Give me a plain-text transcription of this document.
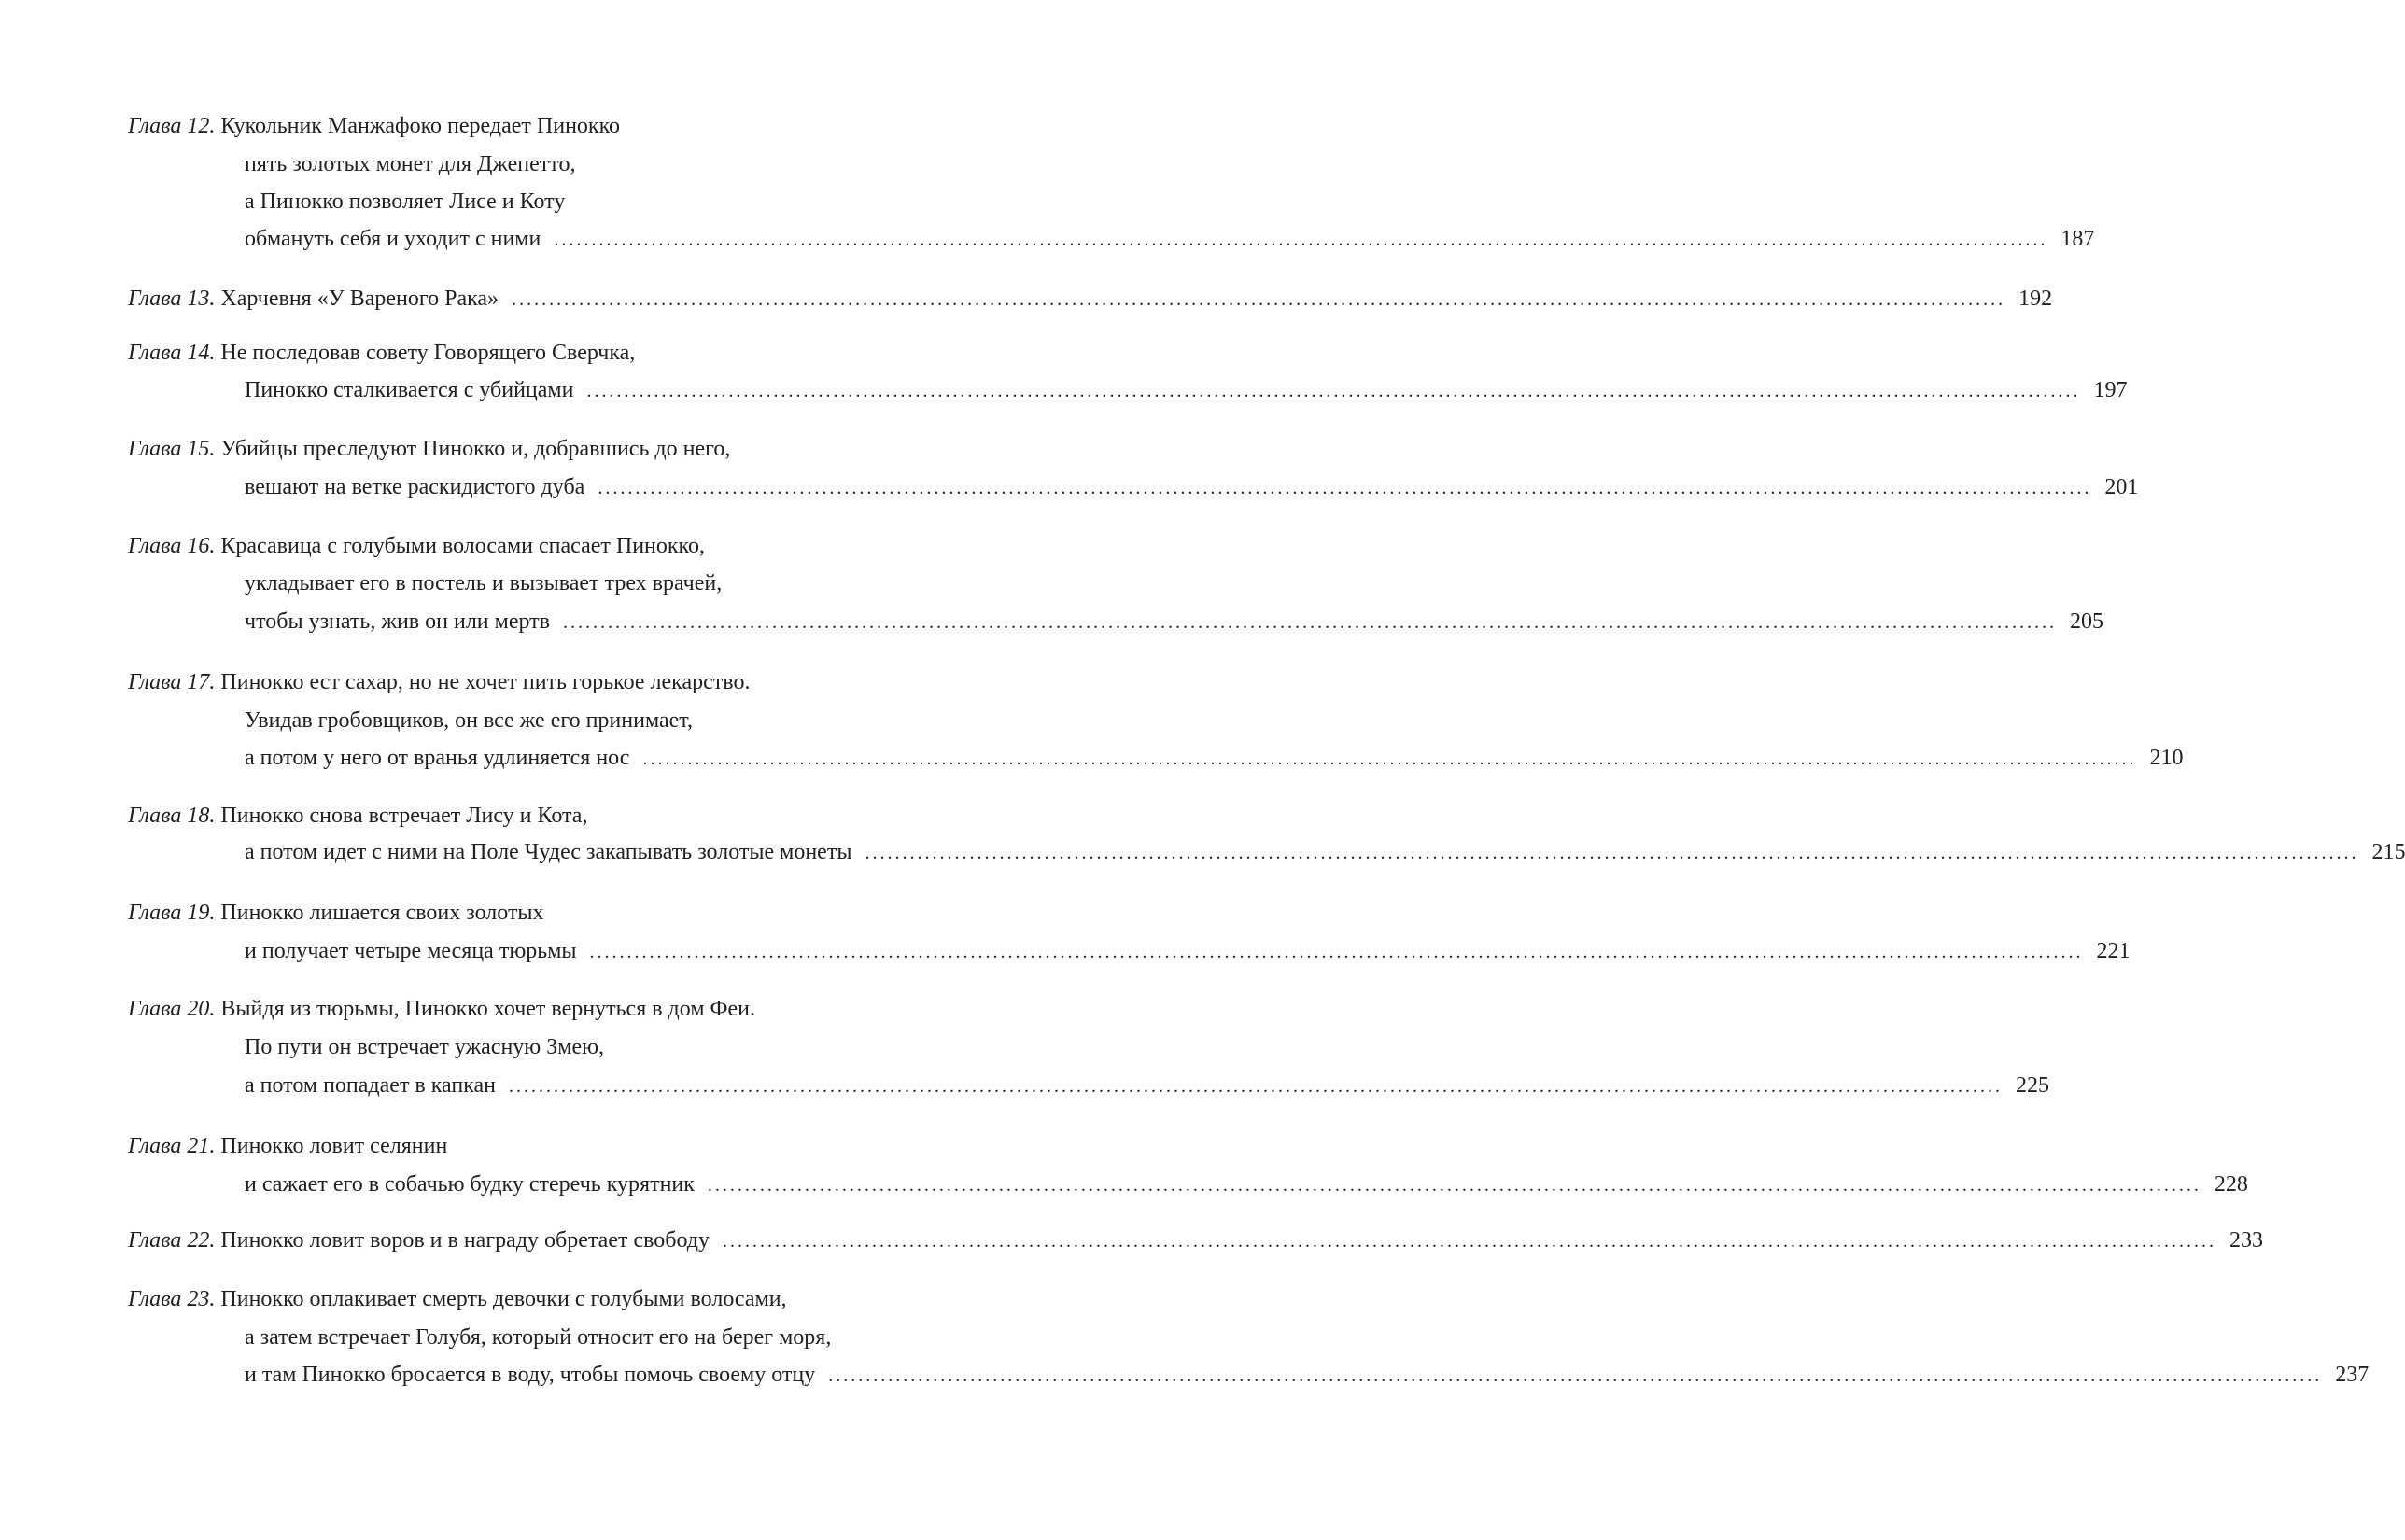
Глава 12. Кукольник Манжафоко передает Пинокко
пять золотых монет для Джепетто,
а Пинокко позволяет Лисе и Коту
обмануть себя и уходит с ними ........................................................................................................................................................................................................ 187
Глава 13. Харчевня «У Вареного Рака» ........................................................................................................................................................................................................ 192
Глава 14. Не последовав совету Говорящего Сверчка,
Пинокко сталкивается с убийцами ........................................................................................................................................................................................................ 197
Глава 15. Убийцы преследуют Пинокко и, добравшись до него,
вешают на ветке раскидистого дуба ........................................................................................................................................................................................................ 201
Глава 16. Красавица с голубыми волосами спасает Пинокко,
укладывает его в постель и вызывает трех врачей,
чтобы узнать, жив он или мертв ........................................................................................................................................................................................................ 205
Глава 17. Пинокко ест сахар, но не хочет пить горькое лекарство.
Увидав гробовщиков, он все же его принимает,
а потом у него от вранья удлиняется нос ........................................................................................................................................................................................................ 210
Глава 18. Пинокко снова встречает Лису и Кота,
а потом идет с ними на Поле Чудес закапывать золотые монеты ........................................................................................................................................................................................................ 215
Глава 19. Пинокко лишается своих золотых
и получает четыре месяца тюрьмы ........................................................................................................................................................................................................ 221
Глава 20. Выйдя из тюрьмы, Пинокко хочет вернуться в дом Феи.
По пути он встречает ужасную Змею,
а потом попадает в капкан ........................................................................................................................................................................................................ 225
Глава 21. Пинокко ловит селянин
и сажает его в собачью будку стеречь курятник ........................................................................................................................................................................................................ 228
Глава 22. Пинокко ловит воров и в награду обретает свободу ........................................................................................................................................................................................................ 233
Глава 23. Пинокко оплакивает смерть девочки с голубыми волосами,
а затем встречает Голубя, который относит его на берег моря,
и там Пинокко бросается в воду, чтобы помочь своему отцу ........................................................................................................................................................................................................ 237
